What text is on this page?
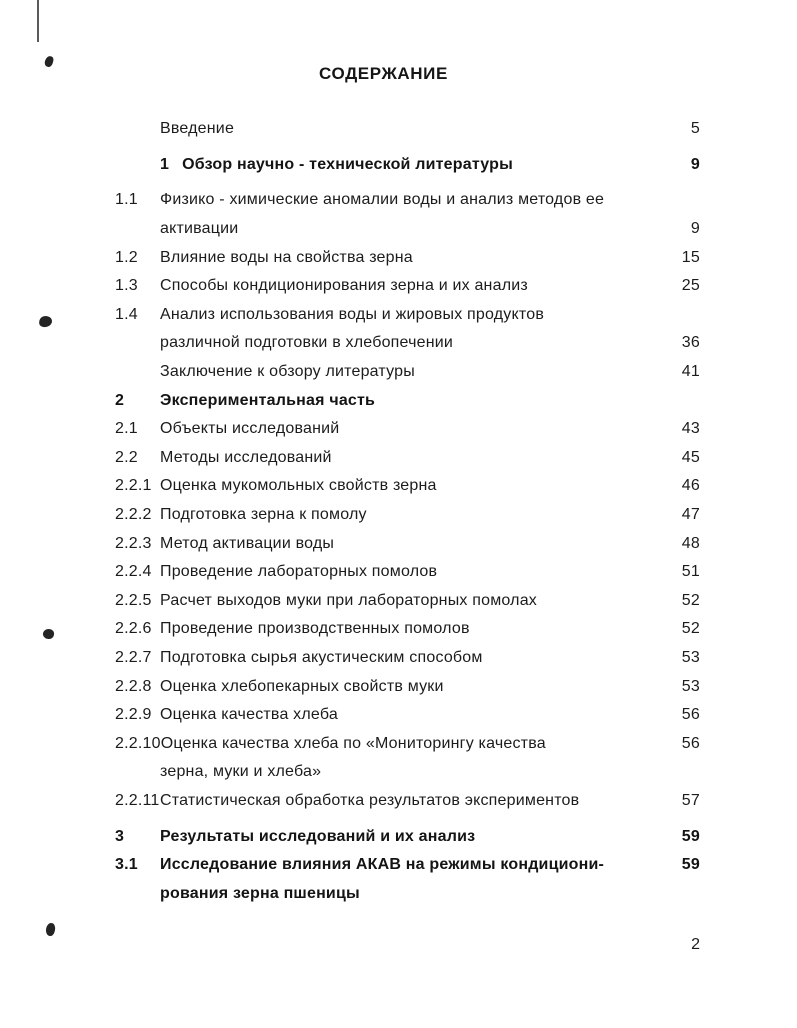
СОДЕРЖАНИЕ
Введение	5
1 Обзор научно - технической литературы	9
1.1	Физико - химические аномалии воды и анализ методов ее
активации	9
1.2	Влияние воды на свойства зерна	15
1.3	Способы кондиционирования зерна и их анализ	25
1.4	Анализ использования воды и жировых продуктов
различной подготовки в хлебопечении	36
Заключение к обзору литературы	41
2	Экспериментальная часть
2.1	Объекты исследований	43
2.2	Методы исследований	45
2.2.1 Оценка мукомольных свойств зерна	46
2.2.2 Подготовка зерна к помолу	47
2.2.3 Метод активации воды	48
2.2.4 Проведение лабораторных помолов	51
2.2.5 Расчет выходов муки при лабораторных помолах	52
2.2.6 Проведение производственных помолов	52
2.2.7 Подготовка сырья акустическим способом	53
2.2.8 Оценка хлебопекарных свойств муки	53
2.2.9 Оценка качества хлеба	56
2.2.10 Оценка качества хлеба по «Мониторингу качества	56
зерна, муки и хлеба»
2.2.11 Статистическая обработка результатов экспериментов	57
3	Результаты исследований и их анализ	59
3.1	Исследование влияния АКАВ на режимы кондициони-	59
рования зерна пшеницы
2
